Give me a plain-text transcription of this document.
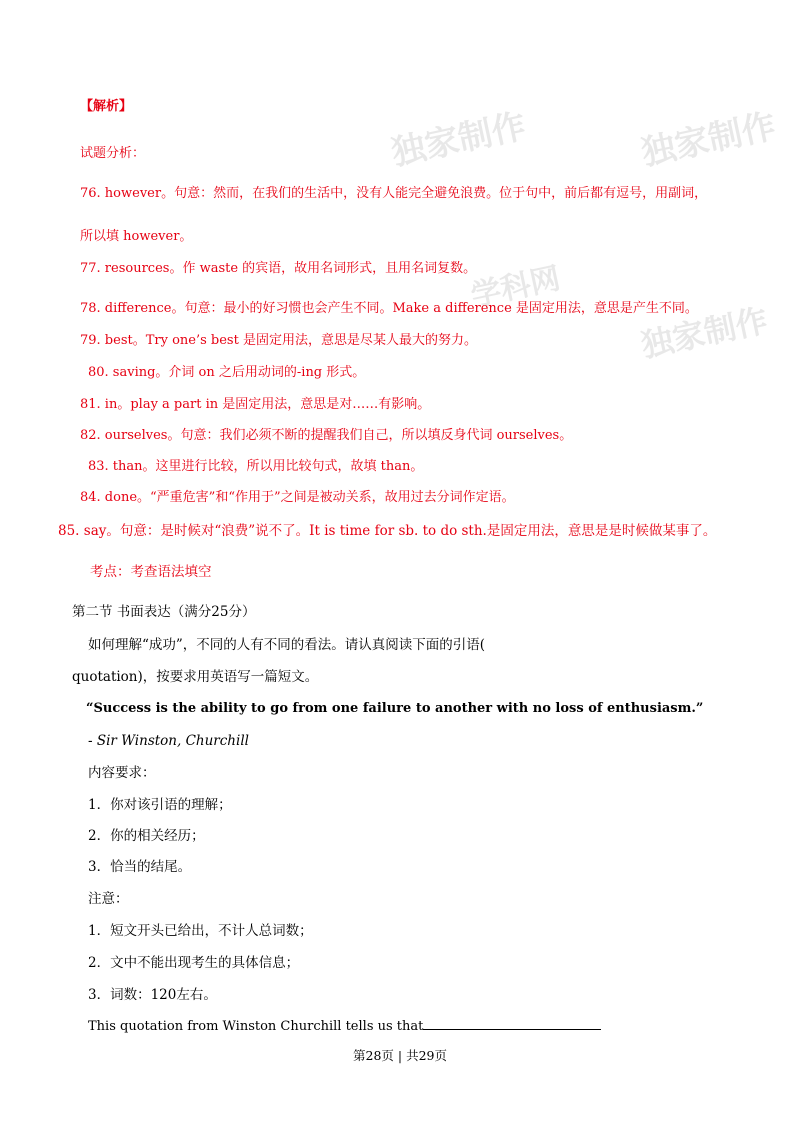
独家制作	独家制作
学科网
独家制作
【解析】
试题分析：
76. however。句意：然而，在我们的生活中，没有人能完全避免浪费。位于句中，前后都有逗号，用副词，
所以填 however。
77. resources。作 waste 的宾语，故用名词形式，且用名词复数。
78. difference。句意：最小的好习惯也会产生不同。Make a difference 是固定用法，意思是产生不同。
79. best。Try one’s best 是固定用法，意思是尽某人最大的努力。
80. saving。介词 on 之后用动词的-ing 形式。
81. in。play a part in 是固定用法，意思是对……有影响。
82. ourselves。句意：我们必须不断的提醒我们自己，所以填反身代词 ourselves。
83. than。这里进行比较，所以用比较句式，故填 than。
84. done。“严重危害”和“作用于”之间是被动关系，故用过去分词作定语。
85. say。句意：是时候对“浪费”说不了。It is time for sb. to do sth.是固定用法，意思是是时候做某事了。
考点：考查语法填空
第二节 书面表达（满分25分）
如何理解“成功”，不同的人有不同的看法。请认真阅读下面的引语(
quotation)，按要求用英语写一篇短文。
“Success is the ability to go from one failure to another with no loss of enthusiasm.”
- Sir Winston, Churchill
内容要求：
1．你对该引语的理解；
2．你的相关经历；
3．恰当的结尾。
注意：
1．短文开头已给出，不计人总词数；
2．文中不能出现考生的具体信息；
3．词数：120左右。
This quotation from Winston Churchill tells us that
第28页 | 共29页
